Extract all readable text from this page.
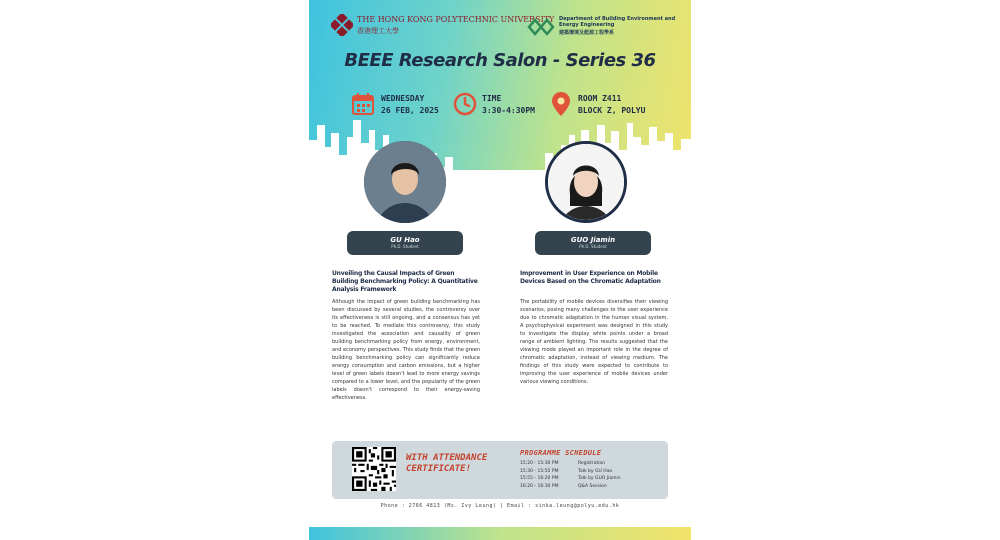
THE HONG KONG POLYTECHNIC UNIVERSITY
香港理工大學
Department of Building Environment and Energy Engineering
建築環境及能源工程學系
BEEE Research Salon - Series 36
WEDNESDAY
26 FEB, 2025
TIME
3:30-4:30PM
ROOM Z411
BLOCK Z, POLYU
GU Hao
Ph.D. Student
Unveiling the Causal Impacts of Green Building Benchmarking Policy: A Quantitative Analysis Framework
Although the impact of green building benchmarking has been discussed by several studies, the controversy over its effectiveness is still ongoing, and a consensus has yet to be reached. To mediate this controversy, this study investigated the association and causality of green building benchmarking policy from energy, environment, and economy perspectives. This study finds that the green building benchmarking policy can significantly reduce energy consumption and carbon emissions, but a higher level of green labels doesn't lead to more energy savings compared to a lower level, and the popularity of the green labels doesn't correspond to their energy-saving effectiveness.
GUO Jiamin
Ph.D. Student
Improvement in User Experience on Mobile Devices Based on the Chromatic Adaptation
The portability of mobile devices diversifies their viewing scenarios, posing many challenges to the user experience due to chromatic adaptation in the human visual system. A psychophysical experiment was designed in this study to investigate the display white points under a broad range of ambient lighting. The results suggested that the viewing mode played an important role in the degree of chromatic adaptation, instead of viewing medium. The findings of this study were expected to contribute to improving the user experience of mobile devices under various viewing conditions.
WITH ATTENDANCE CERTIFICATE!
PROGRAMME SCHEDULE
15:20 - 15:30 PM	Registration
15:30 - 15:55 PM	Talk by GU Hao
15:55 - 16:20 PM	Talk by GUO Jiamin
16:20 - 16:30 PM	Q&A Session
Phone : 2766 4813 (Ms. Ivy Leung) | Email : sinka.leung@polyu.edu.hk
